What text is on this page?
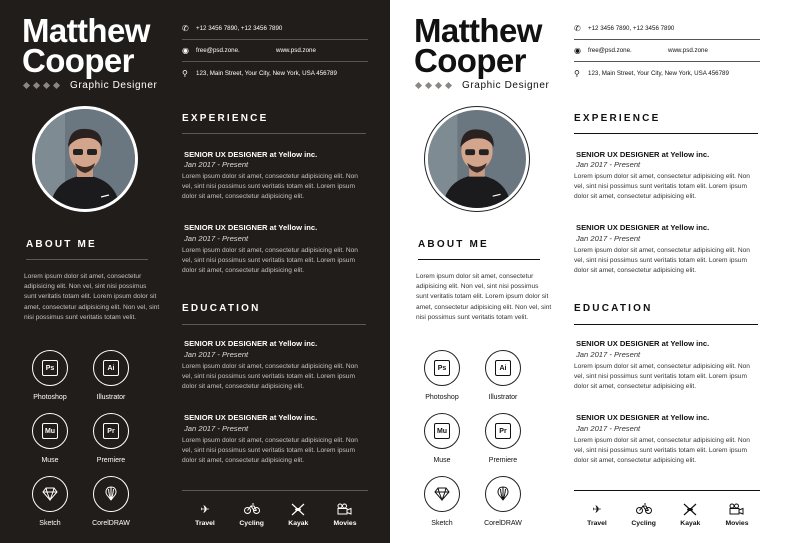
Matthew
Cooper
Graphic Designer
✆	+12 3456 7890, +12 3456 7890
◉	free@psd.zone.	www.psd.zone
⚲	123, Main Street, Your City, New York, USA 456789
EXPERIENCE
SENIOR UX DESIGNER at Yellow inc.
Jan 2017 - Present
Lorem ipsum dolor sit amet, consectetur adipisicing elit. Non vel, sint nisi possimus sunt veritatis totam elit. Lorem ipsum dolor sit amet, consectetur adipisicing elit.
SENIOR UX DESIGNER at Yellow inc.
Jan 2017 - Present
Lorem ipsum dolor sit amet, consectetur adipisicing elit. Non vel, sint nisi possimus sunt veritatis totam elit. Lorem ipsum dolor sit amet, consectetur adipisicing elit.
ABOUT ME
Lorem ipsum dolor sit amet, consectetur adipisicing elit. Non vel, sint nisi possimus sunt veritatis totam elit. Lorem ipsum dolor sit amet, consectetur adipisicing elit. Non vel, sint nisi possimus sunt veritatis totam velit.
EDUCATION
SENIOR UX DESIGNER at Yellow inc.
Jan 2017 - Present
Lorem ipsum dolor sit amet, consectetur adipisicing elit. Non vel, sint nisi possimus sunt veritatis totam elit. Lorem ipsum dolor sit amet, consectetur adipisicing elit.
SENIOR UX DESIGNER at Yellow inc.
Jan 2017 - Present
Lorem ipsum dolor sit amet, consectetur adipisicing elit. Non vel, sint nisi possimus sunt veritatis totam elit. Lorem ipsum dolor sit amet, consectetur adipisicing elit.
Ps
Photoshop
Ai
Illustrator
Mu
Muse
Pr
Premiere
Sketch	CorelDRAW
✈
Travel	Cycling	Kayak	Movies
Matthew
Cooper
Graphic Designer
✆	+12 3456 7890, +12 3456 7890
◉	free@psd.zone.	www.psd.zone
⚲	123, Main Street, Your City, New York, USA 456789
EXPERIENCE
SENIOR UX DESIGNER at Yellow inc.
Jan 2017 - Present
Lorem ipsum dolor sit amet, consectetur adipisicing elit. Non vel, sint nisi possimus sunt veritatis totam elit. Lorem ipsum dolor sit amet, consectetur adipisicing elit.
SENIOR UX DESIGNER at Yellow inc.
Jan 2017 - Present
Lorem ipsum dolor sit amet, consectetur adipisicing elit. Non vel, sint nisi possimus sunt veritatis totam elit. Lorem ipsum dolor sit amet, consectetur adipisicing elit.
ABOUT ME
Lorem ipsum dolor sit amet, consectetur adipisicing elit. Non vel, sint nisi possimus sunt veritatis totam elit. Lorem ipsum dolor sit amet, consectetur adipisicing elit. Non vel, sint nisi possimus sunt veritatis totam velit.
EDUCATION
SENIOR UX DESIGNER at Yellow inc.
Jan 2017 - Present
Lorem ipsum dolor sit amet, consectetur adipisicing elit. Non vel, sint nisi possimus sunt veritatis totam elit. Lorem ipsum dolor sit amet, consectetur adipisicing elit.
SENIOR UX DESIGNER at Yellow inc.
Jan 2017 - Present
Lorem ipsum dolor sit amet, consectetur adipisicing elit. Non vel, sint nisi possimus sunt veritatis totam elit. Lorem ipsum dolor sit amet, consectetur adipisicing elit.
Ps
Photoshop
Ai
Illustrator
Mu
Muse
Pr
Premiere
Sketch	CorelDRAW
✈
Travel	Cycling	Kayak	Movies
